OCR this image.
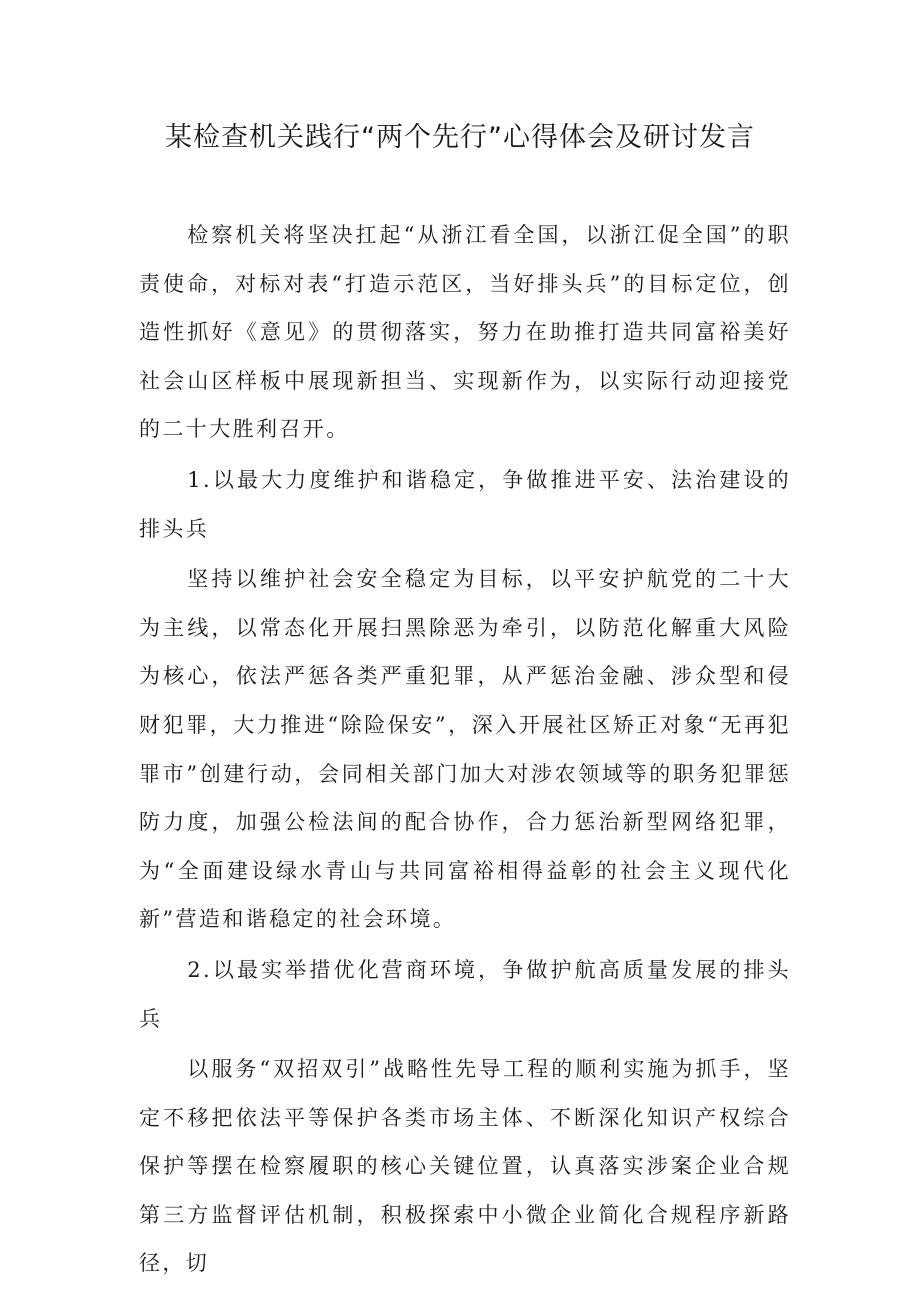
某检查机关践行“两个先行”心得体会及研讨发言

检察机关将坚决扛起“从浙江看全国，以浙江促全国”的职责使命，对标对表“打造示范区，当好排头兵”的目标定位，创造性抓好《意见》的贯彻落实，努力在助推打造共同富裕美好社会山区样板中展现新担当、实现新作为，以实际行动迎接党的二十大胜利召开。

1.以最大力度维护和谐稳定，争做推进平安、法治建设的排头兵

坚持以维护社会安全稳定为目标，以平安护航党的二十大为主线，以常态化开展扫黑除恶为牵引，以防范化解重大风险为核心，依法严惩各类严重犯罪，从严惩治金融、涉众型和侵财犯罪，大力推进“除险保安”，深入开展社区矫正对象“无再犯罪市”创建行动，会同相关部门加大对涉农领域等的职务犯罪惩防力度，加强公检法间的配合协作，合力惩治新型网络犯罪，为“全面建设绿水青山与共同富裕相得益彰的社会主义现代化新”营造和谐稳定的社会环境。

2.以最实举措优化营商环境，争做护航高质量发展的排头兵

以服务“双招双引”战略性先导工程的顺利实施为抓手，坚定不移把依法平等保护各类市场主体、不断深化知识产权综合保护等摆在检察履职的核心关键位置，认真落实涉案企业合规第三方监督评估机制，积极探索中小微企业简化合规程序新路径，切
